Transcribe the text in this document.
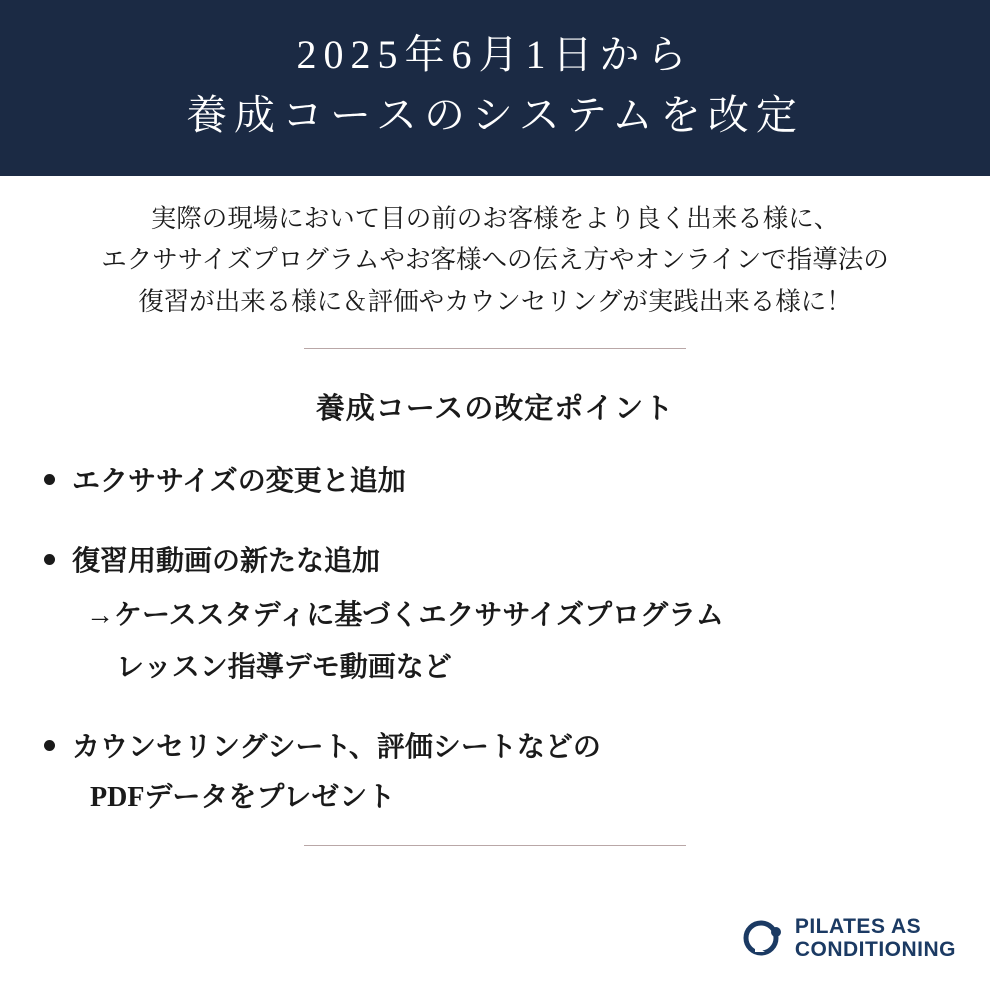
2025年6月1日から
養成コースのシステムを改定
実際の現場において目の前のお客様をより良く出来る様に、
エクササイズプログラムやお客様への伝え方やオンラインで指導法の
復習が出来る様に＆評価やカウンセリングが実践出来る様に！
養成コースの改定ポイント
エクササイズの変更と追加
復習用動画の新たな追加
→ケーススタディに基づくエクササイズプログラム
レッスン指導デモ動画など
カウンセリングシート、評価シートなどの
PDFデータをプレゼント
PILATES AS
CONDITIONING
